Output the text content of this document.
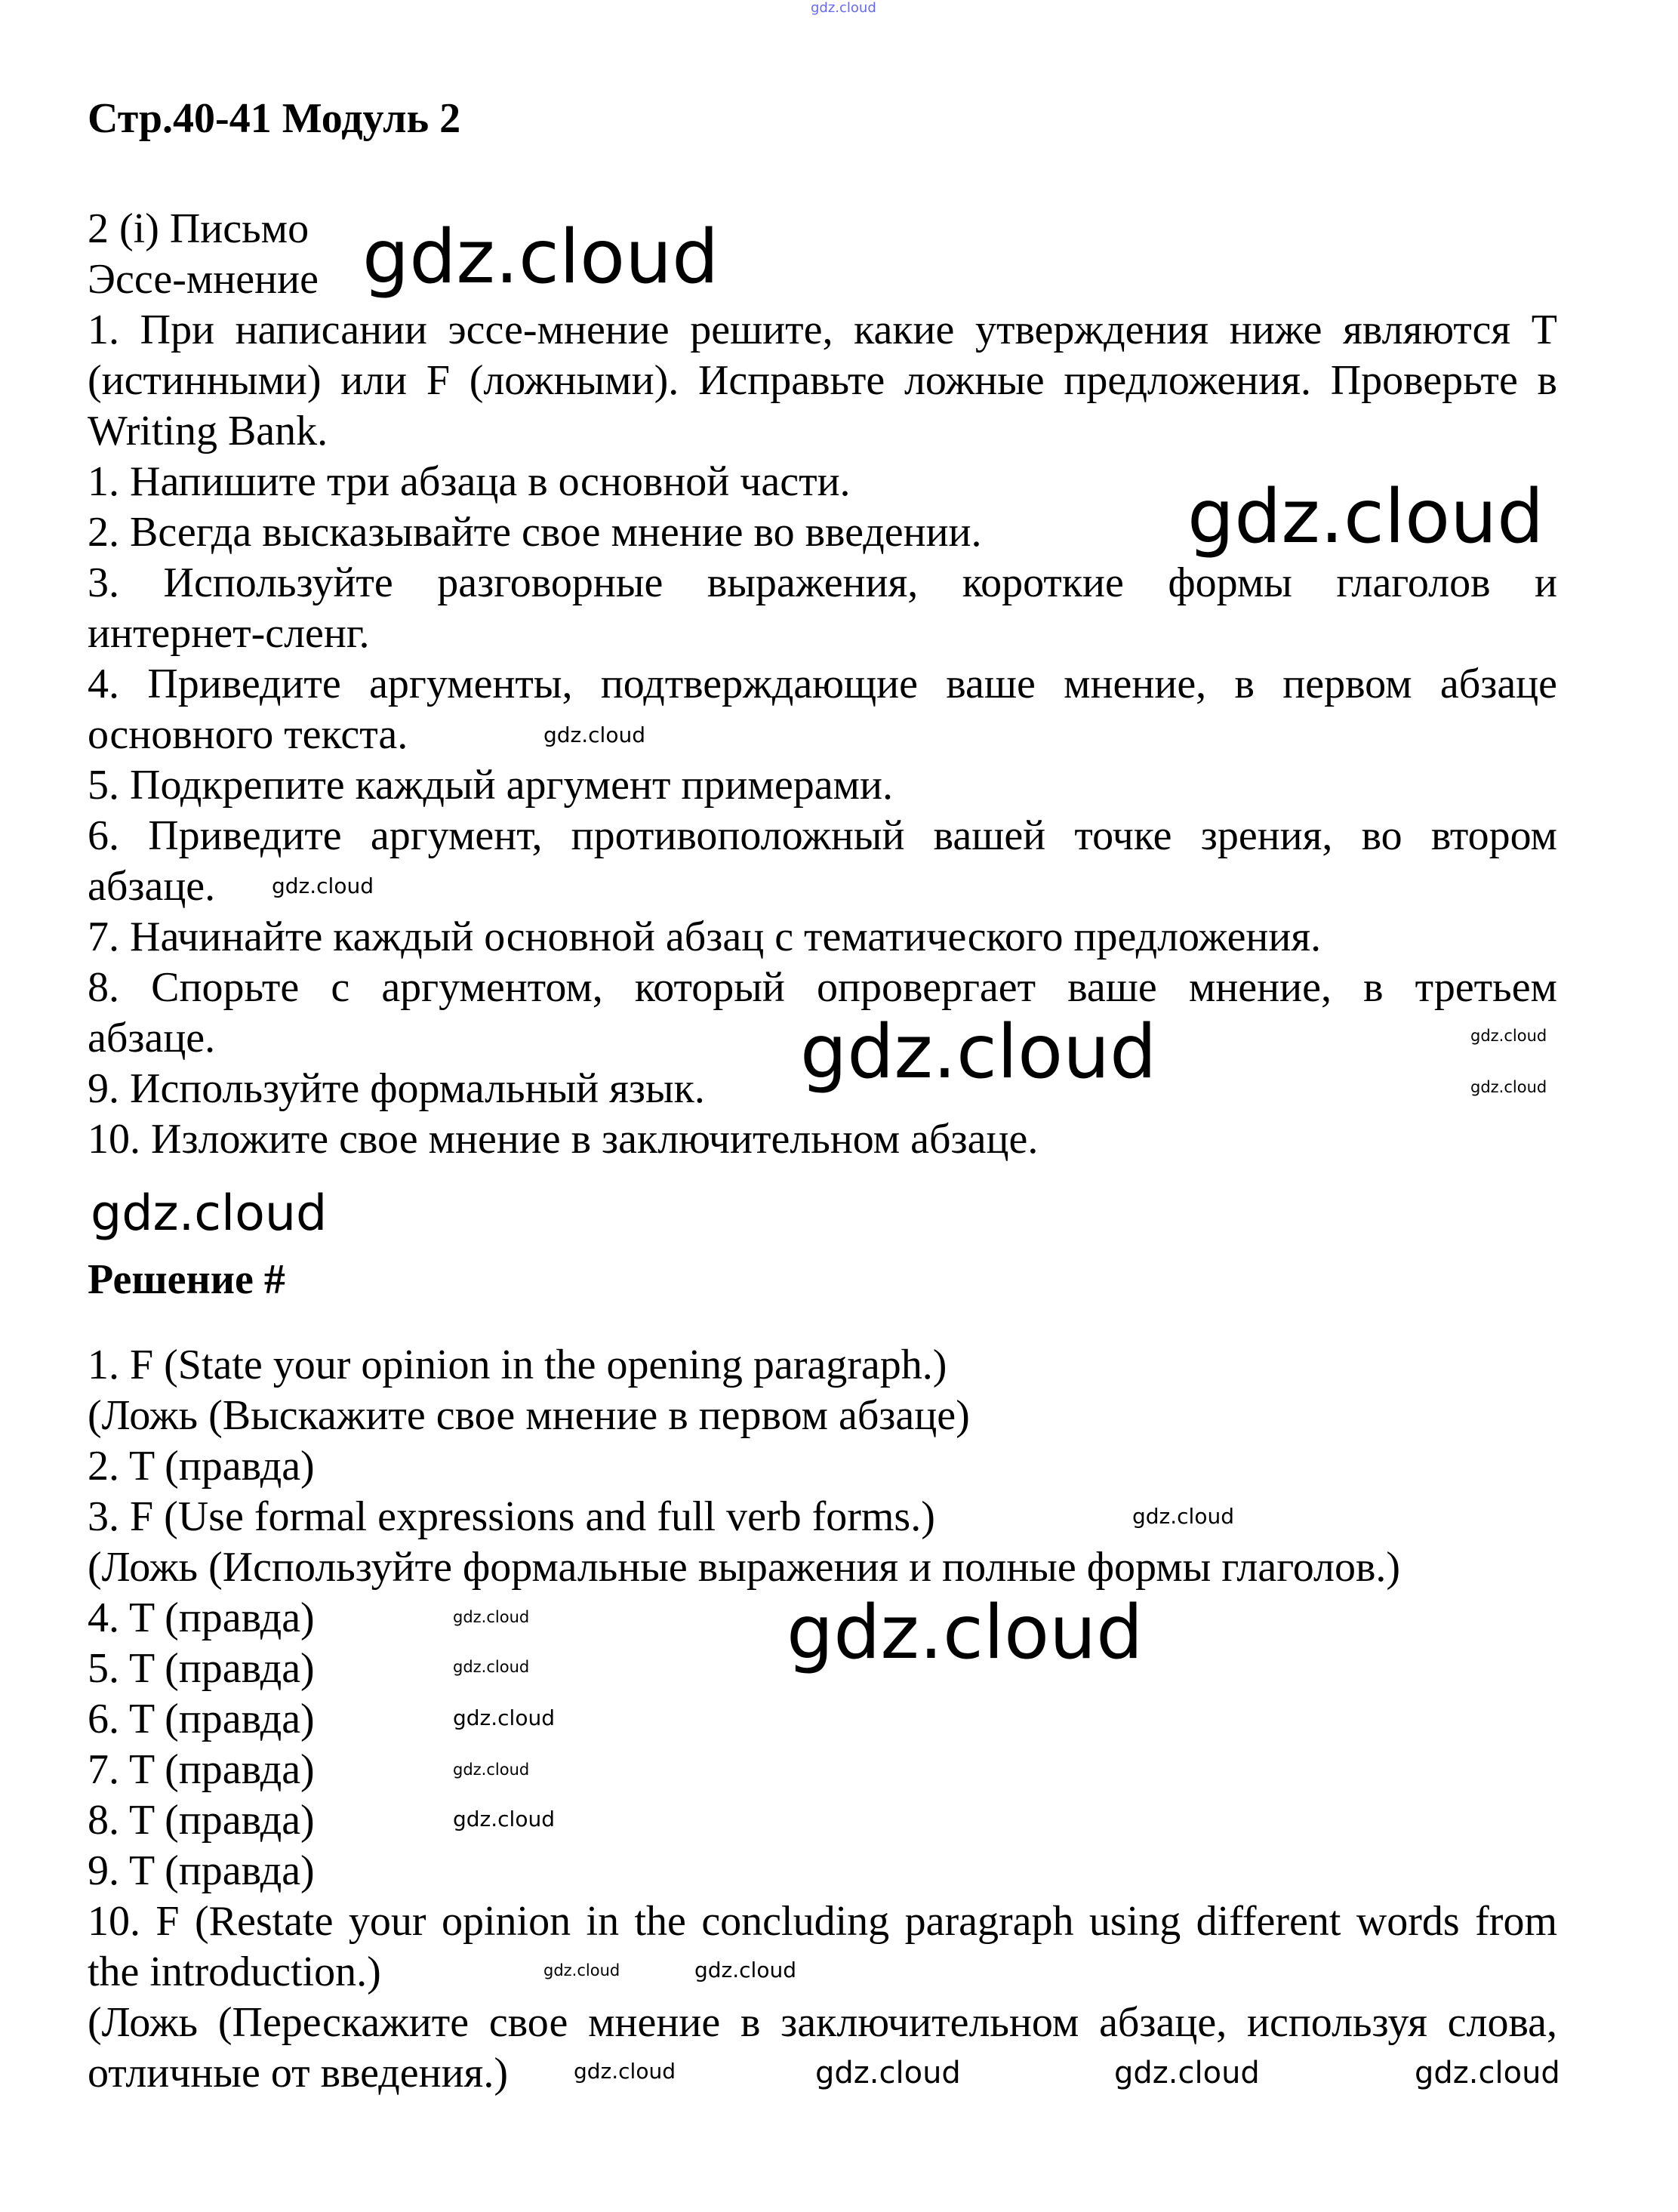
gdz.cloud
Стр.40-41 Модуль 2
2 (i) Письмо
Эссе-мнение
1. При написании эссе-мнение решите, какие утверждения ниже являются Т
(истинными) или F (ложными). Исправьте ложные предложения. Проверьте в
Writing Bank.
1. Напишите три абзаца в основной части.
2. Всегда высказывайте свое мнение во введении.
3. Используйте разговорные выражения, короткие формы глаголов и
интернет-сленг.
4. Приведите аргументы, подтверждающие ваше мнение, в первом абзаце
основного текста.
5. Подкрепите каждый аргумент примерами.
6. Приведите аргумент, противоположный вашей точке зрения, во втором
абзаце.
7. Начинайте каждый основной абзац с тематического предложения.
8. Спорьте с аргументом, который опровергает ваше мнение, в третьем
абзаце.
9. Используйте формальный язык.
10. Изложите свое мнение в заключительном абзаце.
Решение #
1. F (State your opinion in the opening paragraph.)
(Ложь (Выскажите свое мнение в первом абзаце)
2. T (правда)
3. F (Use formal expressions and full verb forms.)
(Ложь (Используйте формальные выражения и полные формы глаголов.)
4. T (правда)
5. T (правда)
6. T (правда)
7. T (правда)
8. T (правда)
9. T (правда)
10. F (Restate your opinion in the concluding paragraph using different words from
the introduction.)
(Ложь (Перескажите свое мнение в заключительном абзаце, используя слова,
отличные от введения.)
gdz.cloud
gdz.cloud
gdz.cloud
gdz.cloud
gdz.cloud
gdz.cloud
gdz.cloud
gdz.cloud
gdz.cloud
gdz.cloud
gdz.cloud
gdz.cloud
gdz.cloud
gdz.cloud
gdz.cloud
gdz.cloud	gdz.cloud
gdz.cloud	gdz.cloud	gdz.cloud	gdz.cloud
